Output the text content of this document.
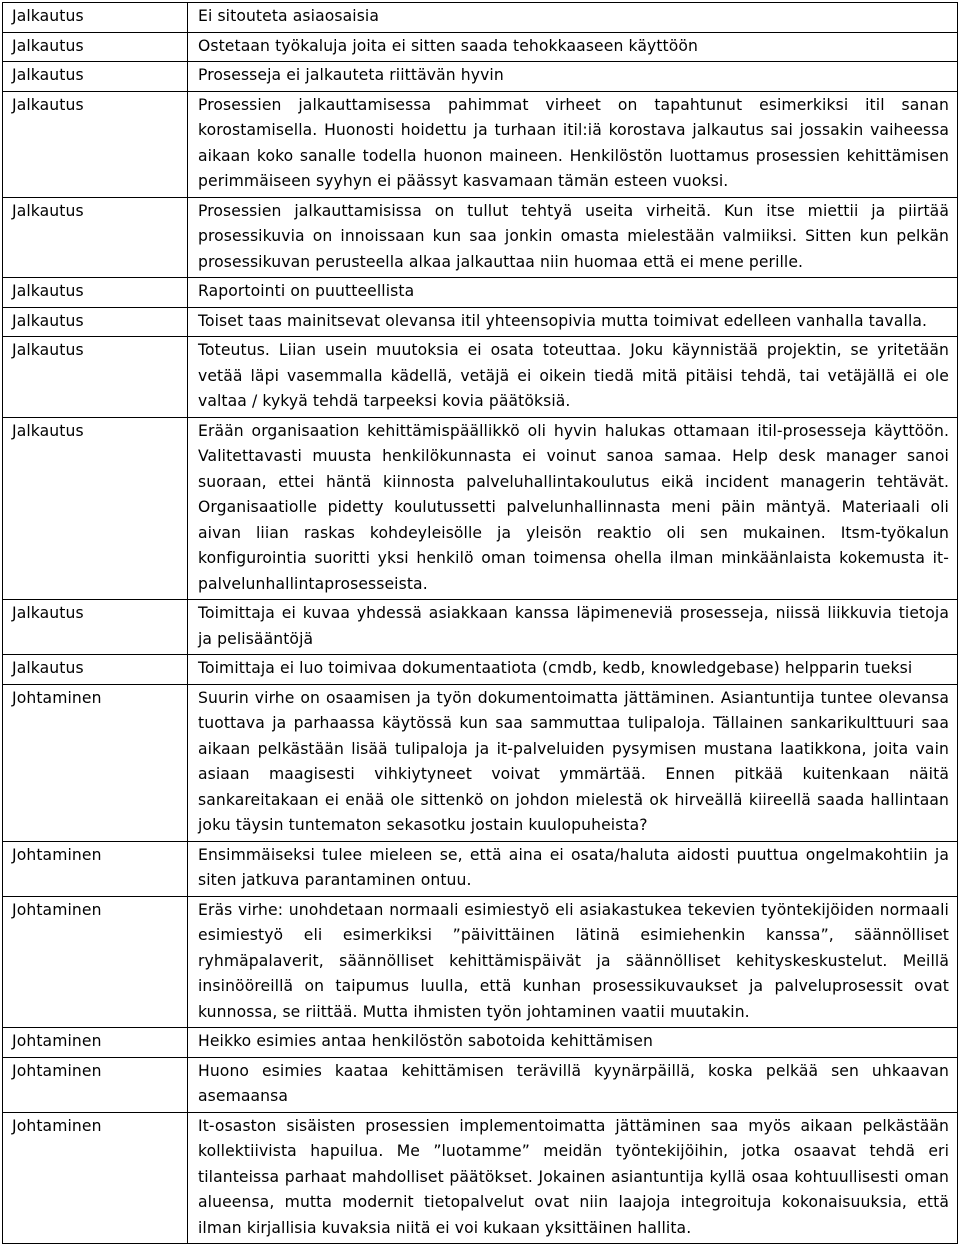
Jalkautus	Ei sitouteta asiaosaisia
Jalkautus	Ostetaan työkaluja joita ei sitten saada tehokkaaseen käyttöön
Jalkautus	Prosesseja ei jalkauteta riittävän hyvin
Jalkautus	Prosessien jalkauttamisessa pahimmat virheet on tapahtunut esimerkiksi itil sanan korostamisella. Huonosti hoidettu ja turhaan itil:iä korostava jalkautus sai jossakin vaiheessa aikaan koko sanalle todella huonon maineen. Henkilöstön luottamus prosessien kehittämisen perimmäiseen syyhyn ei päässyt kasvamaan tämän esteen vuoksi.
Jalkautus	Prosessien jalkauttamisissa on tullut tehtyä useita virheitä. Kun itse miettii ja piirtää prosessikuvia on innoissaan kun saa jonkin omasta mielestään valmiiksi. Sitten kun pelkän prosessikuvan perusteella alkaa jalkauttaa niin huomaa että ei mene perille.
Jalkautus	Raportointi on puutteellista
Jalkautus	Toiset taas mainitsevat olevansa itil yhteensopivia mutta toimivat edelleen vanhalla tavalla.
Jalkautus	Toteutus. Liian usein muutoksia ei osata toteuttaa. Joku käynnistää projektin, se yritetään vetää läpi vasemmalla kädellä, vetäjä ei oikein tiedä mitä pitäisi tehdä, tai vetäjällä ei ole valtaa / kykyä tehdä tarpeeksi kovia päätöksiä.
Jalkautus	Erään organisaation kehittämispäällikkö oli hyvin halukas ottamaan itil-prosesseja käyttöön. Valitettavasti muusta henkilökunnasta ei voinut sanoa samaa. Help desk manager sanoi suoraan, ettei häntä kiinnosta palveluhallintakoulutus eikä incident managerin tehtävät. Organisaatiolle pidetty koulutussetti palvelunhallinnasta meni päin mäntyä. Materiaali oli aivan liian raskas kohdeyleisölle ja yleisön reaktio oli sen mukainen. Itsm-työkalun konfigurointia suoritti yksi henkilö oman toimensa ohella ilman minkäänlaista kokemusta it-palvelunhallintaprosesseista.
Jalkautus	Toimittaja ei kuvaa yhdessä asiakkaan kanssa läpimeneviä prosesseja, niissä liikkuvia tietoja ja pelisääntöjä
Jalkautus	Toimittaja ei luo toimivaa dokumentaatiota (cmdb, kedb, knowledgebase) helpparin tueksi
Johtaminen	Suurin virhe on osaamisen ja työn dokumentoimatta jättäminen. Asiantuntija tuntee olevansa tuottava ja parhaassa käytössä kun saa sammuttaa tulipaloja. Tällainen sankarikulttuuri saa aikaan pelkästään lisää tulipaloja ja it-palveluiden pysymisen mustana laatikkona, joita vain asiaan maagisesti vihkiytyneet voivat ymmärtää. Ennen pitkää kuitenkaan näitä sankareitakaan ei enää ole sittenkö on johdon mielestä ok hirveällä kiireellä saada hallintaan joku täysin tuntematon sekasotku jostain kuulopuheista?
Johtaminen	Ensimmäiseksi tulee mieleen se, että aina ei osata/haluta aidosti puuttua ongelmakohtiin ja siten jatkuva parantaminen ontuu.
Johtaminen	Eräs virhe: unohdetaan normaali esimiestyö eli asiakastukea tekevien työntekijöiden normaali esimiestyö eli esimerkiksi ”päivittäinen lätinä esimiehenkin kanssa”, säännölliset ryhmäpalaverit, säännölliset kehittämispäivät ja säännölliset kehityskeskustelut. Meillä insinööreillä on taipumus luulla, että kunhan prosessikuvaukset ja palveluprosessit ovat kunnossa, se riittää. Mutta ihmisten työn johtaminen vaatii muutakin.
Johtaminen	Heikko esimies antaa henkilöstön sabotoida kehittämisen
Johtaminen	Huono esimies kaataa kehittämisen terävillä kyynärpäillä, koska pelkää sen uhkaavan asemaansa
Johtaminen	It-osaston sisäisten prosessien implementoimatta jättäminen saa myös aikaan pelkästään kollektiivista hapuilua. Me ”luotamme” meidän työntekijöihin, jotka osaavat tehdä eri tilanteissa parhaat mahdolliset päätökset. Jokainen asiantuntija kyllä osaa kohtuullisesti oman alueensa, mutta modernit tietopalvelut ovat niin laajoja integroituja kokonaisuuksia, että ilman kirjallisia kuvaksia niitä ei voi kukaan yksittäinen hallita.
